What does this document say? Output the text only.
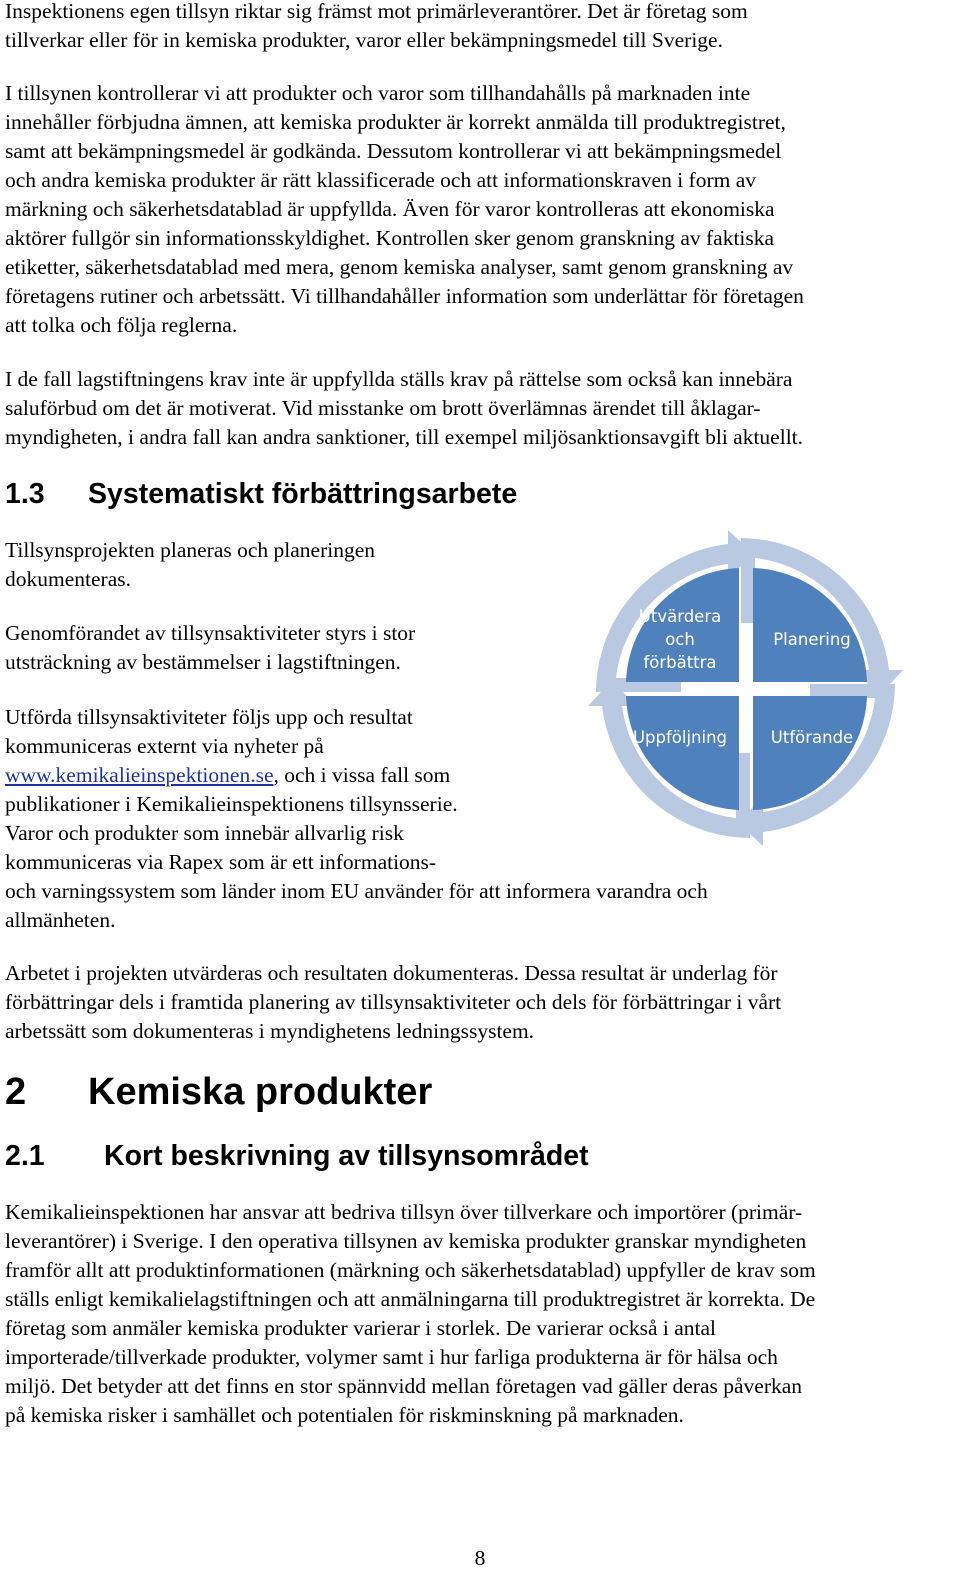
Inspektionens egen tillsyn riktar sig främst mot primärleverantörer. Det är företag som
tillverkar eller för in kemiska produkter, varor eller bekämpningsmedel till Sverige.

I tillsynen kontrollerar vi att produkter och varor som tillhandahålls på marknaden inte
innehåller förbjudna ämnen, att kemiska produkter är korrekt anmälda till produktregistret,
samt att bekämpningsmedel är godkända. Dessutom kontrollerar vi att bekämpningsmedel
och andra kemiska produkter är rätt klassificerade och att informationskraven i form av
märkning och säkerhetsdatablad är uppfyllda. Även för varor kontrolleras att ekonomiska
aktörer fullgör sin informationsskyldighet. Kontrollen sker genom granskning av faktiska
etiketter, säkerhetsdatablad med mera, genom kemiska analyser, samt genom granskning av
företagens rutiner och arbetssätt. Vi tillhandahåller information som underlättar för företagen
att tolka och följa reglerna.

I de fall lagstiftningens krav inte är uppfyllda ställs krav på rättelse som också kan innebära
saluförbud om det är motiverat. Vid misstanke om brott överlämnas ärendet till åklagar-
myndigheten, i andra fall kan andra sanktioner, till exempel miljösanktionsavgift bli aktuellt.

1.3 Systematiskt förbättringsarbete

Tillsynsprojekten planeras och planeringen
dokumenteras.

Genomförandet av tillsynsaktiviteter styrs i stor
utsträckning av bestämmelser i lagstiftningen.

Utförda tillsynsaktiviteter följs upp och resultat
kommuniceras externt via nyheter på
www.kemikalieinspektionen.se, och i vissa fall som
publikationer i Kemikalieinspektionens tillsynsserie.
Varor och produkter som innebär allvarlig risk
kommuniceras via Rapex som är ett informations-
och varningssystem som länder inom EU använder för att informera varandra och
allmänheten.

Utvärdera
och
förbättra
Planering
Uppföljning	Utförande

Arbetet i projekten utvärderas och resultaten dokumenteras. Dessa resultat är underlag för
förbättringar dels i framtida planering av tillsynsaktiviteter och dels för förbättringar i vårt
arbetssätt som dokumenteras i myndighetens ledningssystem.

2 Kemiska produkter
2.1 Kort beskrivning av tillsynsområdet

Kemikalieinspektionen har ansvar att bedriva tillsyn över tillverkare och importörer (primär-
leverantörer) i Sverige. I den operativa tillsynen av kemiska produkter granskar myndigheten
framför allt att produktinformationen (märkning och säkerhetsdatablad) uppfyller de krav som
ställs enligt kemikalielagstiftningen och att anmälningarna till produktregistret är korrekta. De
företag som anmäler kemiska produkter varierar i storlek. De varierar också i antal
importerade/tillverkade produkter, volymer samt i hur farliga produkterna är för hälsa och
miljö. Det betyder att det finns en stor spännvidd mellan företagen vad gäller deras påverkan
på kemiska risker i samhället och potentialen för riskminskning på marknaden.

8
